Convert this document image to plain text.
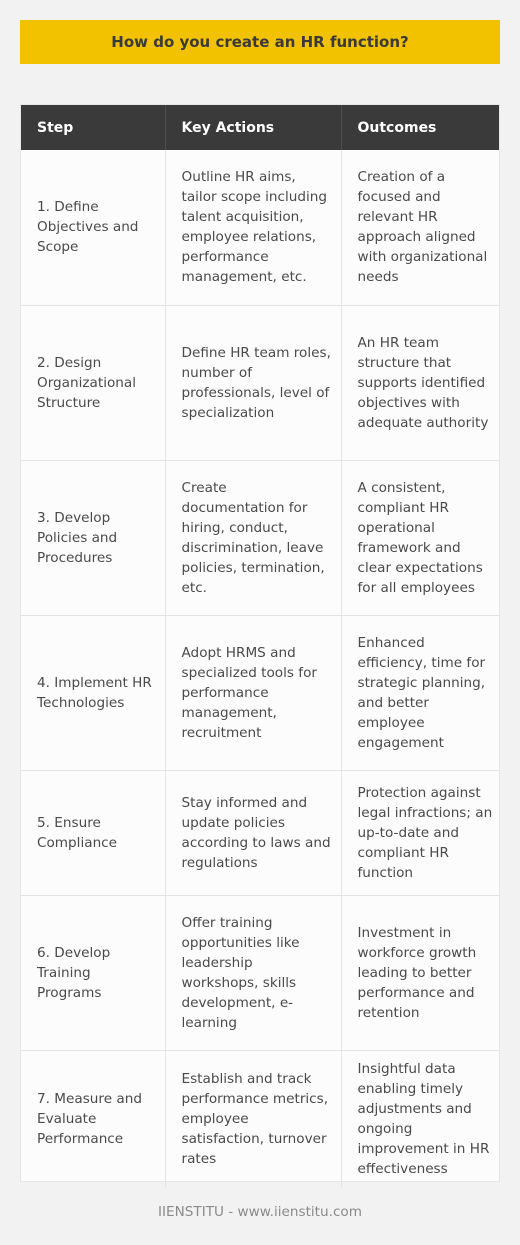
How do you create an HR function?
Step	Key Actions	Outcomes
1. Define Objectives and Scope	Outline HR aims, tailor scope including talent acquisition, employee relations, performance management, etc.	Creation of a focused and relevant HR approach aligned with organizational needs
2. Design Organizational Structure	Define HR team roles, number of professionals, level of specialization	An HR team structure that supports identified objectives with adequate authority
3. Develop Policies and Procedures	Create documentation for hiring, conduct, discrimination, leave policies, termination, etc.	A consistent, compliant HR operational framework and clear expectations for all employees
4. Implement HR Technologies	Adopt HRMS and specialized tools for performance management, recruitment	Enhanced efficiency, time for strategic planning, and better employee engagement
5. Ensure Compliance	Stay informed and update policies according to laws and regulations	Protection against legal infractions; an up-to-date and compliant HR function
6. Develop Training Programs	Offer training opportunities like leadership workshops, skills development, e-learning	Investment in workforce growth leading to better performance and retention
7. Measure and Evaluate Performance	Establish and track performance metrics, employee satisfaction, turnover rates	Insightful data enabling timely adjustments and ongoing improvement in HR effectiveness
IIENSTITU - www.iienstitu.com
